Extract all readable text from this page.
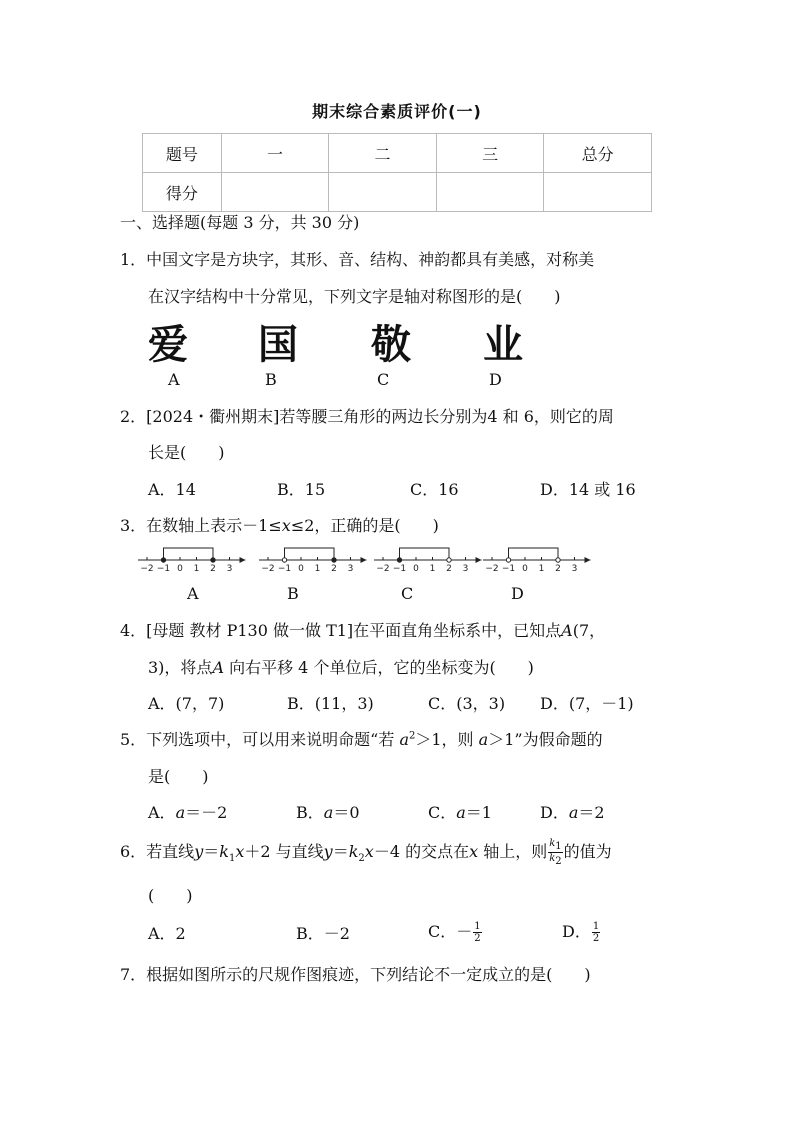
期末综合素质评价(一)
题号	一	二	三	总分
得分				
一、选择题(每题 3 分，共 30 分)
1．中国文字是方块字，其形、音、结构、神韵都具有美感，对称美
在汉字结构中十分常见，下列文字是轴对称图形的是(　　)
爱 国 敬 业
A	B	C	D
2．[2024・衢州期末]若等腰三角形的两边长分别为4 和 6，则它的周
长是(　　)
A．14	B．15	C．16	D．14 或 16
3．在数轴上表示－1≤x≤2，正确的是(　　)
−2 −1 0 1 2 3	−2 −1 0 1 2 3	−2 −1 0 1 2 3 −2 −1 0 1 2 3
A	B	C	D
4．[母题 教材 P130 做一做 T1]在平面直角坐标系中，已知点A(7，
3)，将点A 向右平移 4 个单位后，它的坐标变为(　　)
A．(7，7)	B．(11，3)	C．(3，3) D．(7，－1)
5．下列选项中，可以用来说明命题“若 $a^2>1$，则 a＞1”为假命题的
是(　　)
A．a＝－2	B．a＝0	C．a＝1	D．a＝2
6．若直线$y=k_1x+2$ 与直线$y=k_2x-4$ 的交点在x 轴上，则 $\frac{k_1}{k_2}$ 的值为
(　　)
A．2	B．－2	C．－ $\frac{1}{2}$	D． $\frac{1}{2}$
7．根据如图所示的尺规作图痕迹，下列结论不一定成立的是(　　)
